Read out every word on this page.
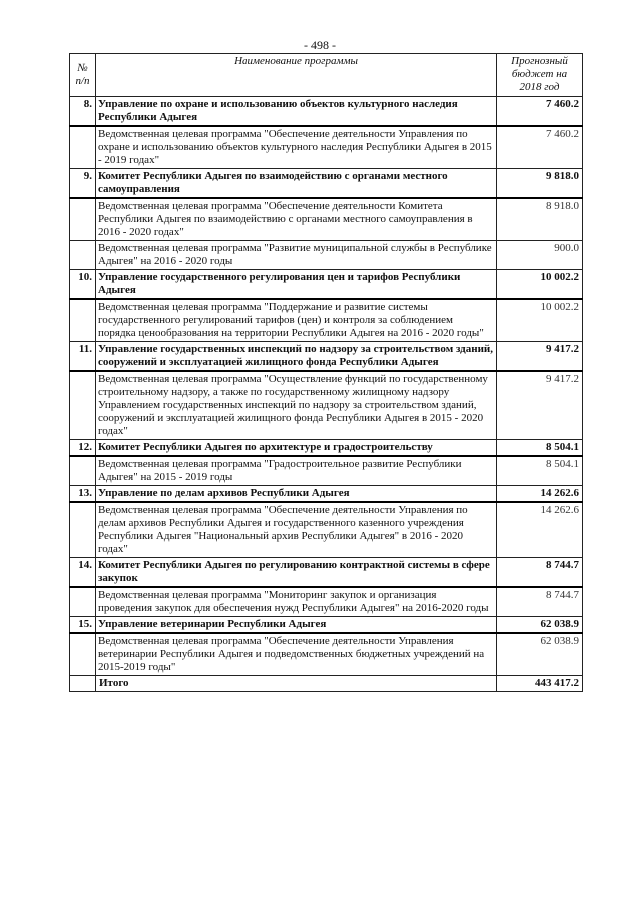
- 498 -
№ п/п	Наименование программы	Прогнозный бюджет на 2018 год
8.	Управление по охране и использованию объектов культурного наследия Республики Адыгея	7 460.2
	Ведомственная целевая программа "Обеспечение деятельности Управления по охране и использованию объектов культурного наследия Республики Адыгея в 2015 - 2019 годах"	7 460.2
9.	Комитет Республики Адыгея по взаимодействию с органами местного самоуправления	9 818.0
	Ведомственная целевая программа "Обеспечение деятельности Комитета Республики Адыгея по взаимодействию с органами местного самоуправления в 2016 - 2020 годах"	8 918.0
	Ведомственная целевая программа "Развитие муниципальной службы в Республике Адыгея" на 2016 - 2020 годы	900.0
10.	Управление государственного регулирования цен и тарифов Республики Адыгея	10 002.2
	Ведомственная целевая программа "Поддержание и развитие системы государственного регулирований тарифов (цен) и контроля за соблюдением порядка ценообразования на территории Республики Адыгея на 2016 - 2020 годы"	10 002.2
11.	Управление государственных инспекций по надзору за строительством зданий, сооружений и эксплуатацией жилищного фонда Республики Адыгея	9 417.2
	Ведомственная целевая программа "Осуществление функций по государственному строительному надзору, а также по государственному жилищному надзору Управлением государственных инспекций по надзору за строительством зданий, сооружений и эксплуатацией жилищного фонда Республики Адыгея в 2015 - 2020 годах"	9 417.2
12.	Комитет Республики Адыгея по архитектуре и градостроительству	8 504.1
	Ведомственная целевая программа "Градостроительное развитие Республики Адыгея" на 2015 - 2019 годы	8 504.1
13.	Управление по делам архивов Республики Адыгея	14 262.6
	Ведомственная целевая программа "Обеспечение деятельности Управления по делам архивов Республики Адыгея и государственного казенного учреждения Республики Адыгея "Национальный архив Республики Адыгея" в 2016 - 2020 годах"	14 262.6
14.	Комитет Республики Адыгея по регулированию контрактной системы в сфере закупок	8 744.7
	Ведомственная целевая программа "Мониторинг закупок и организация проведения закупок для обеспечения нужд Республики Адыгея" на 2016-2020 годы	8 744.7
15.	Управление ветеринарии Республики Адыгея	62 038.9
	Ведомственная целевая программа "Обеспечение деятельности Управления ветеринарии Республики Адыгея и подведомственных бюджетных учреждений на 2015-2019 годы"	62 038.9
	Итого	443 417.2
